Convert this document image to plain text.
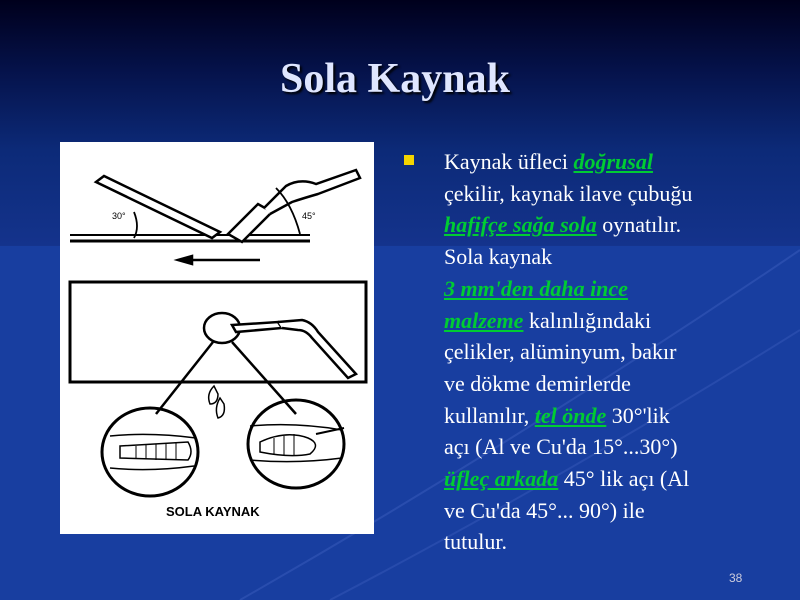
Sola Kaynak
30°	45°
SOLA KAYNAK
Kaynak üfleci doğrusal
çekilir, kaynak ilave çubuğu
hafifçe sağa sola oynatılır.
Sola kaynak
3 mm'den daha ince
malzeme kalınlığındaki
çelikler, alüminyum, bakır
ve dökme demirlerde
kullanılır, tel önde 30°'lik
açı (Al ve Cu'da 15°...30°)
üfleç arkada 45° lik açı (Al
ve Cu'da 45°... 90°) ile
tutulur.
38
